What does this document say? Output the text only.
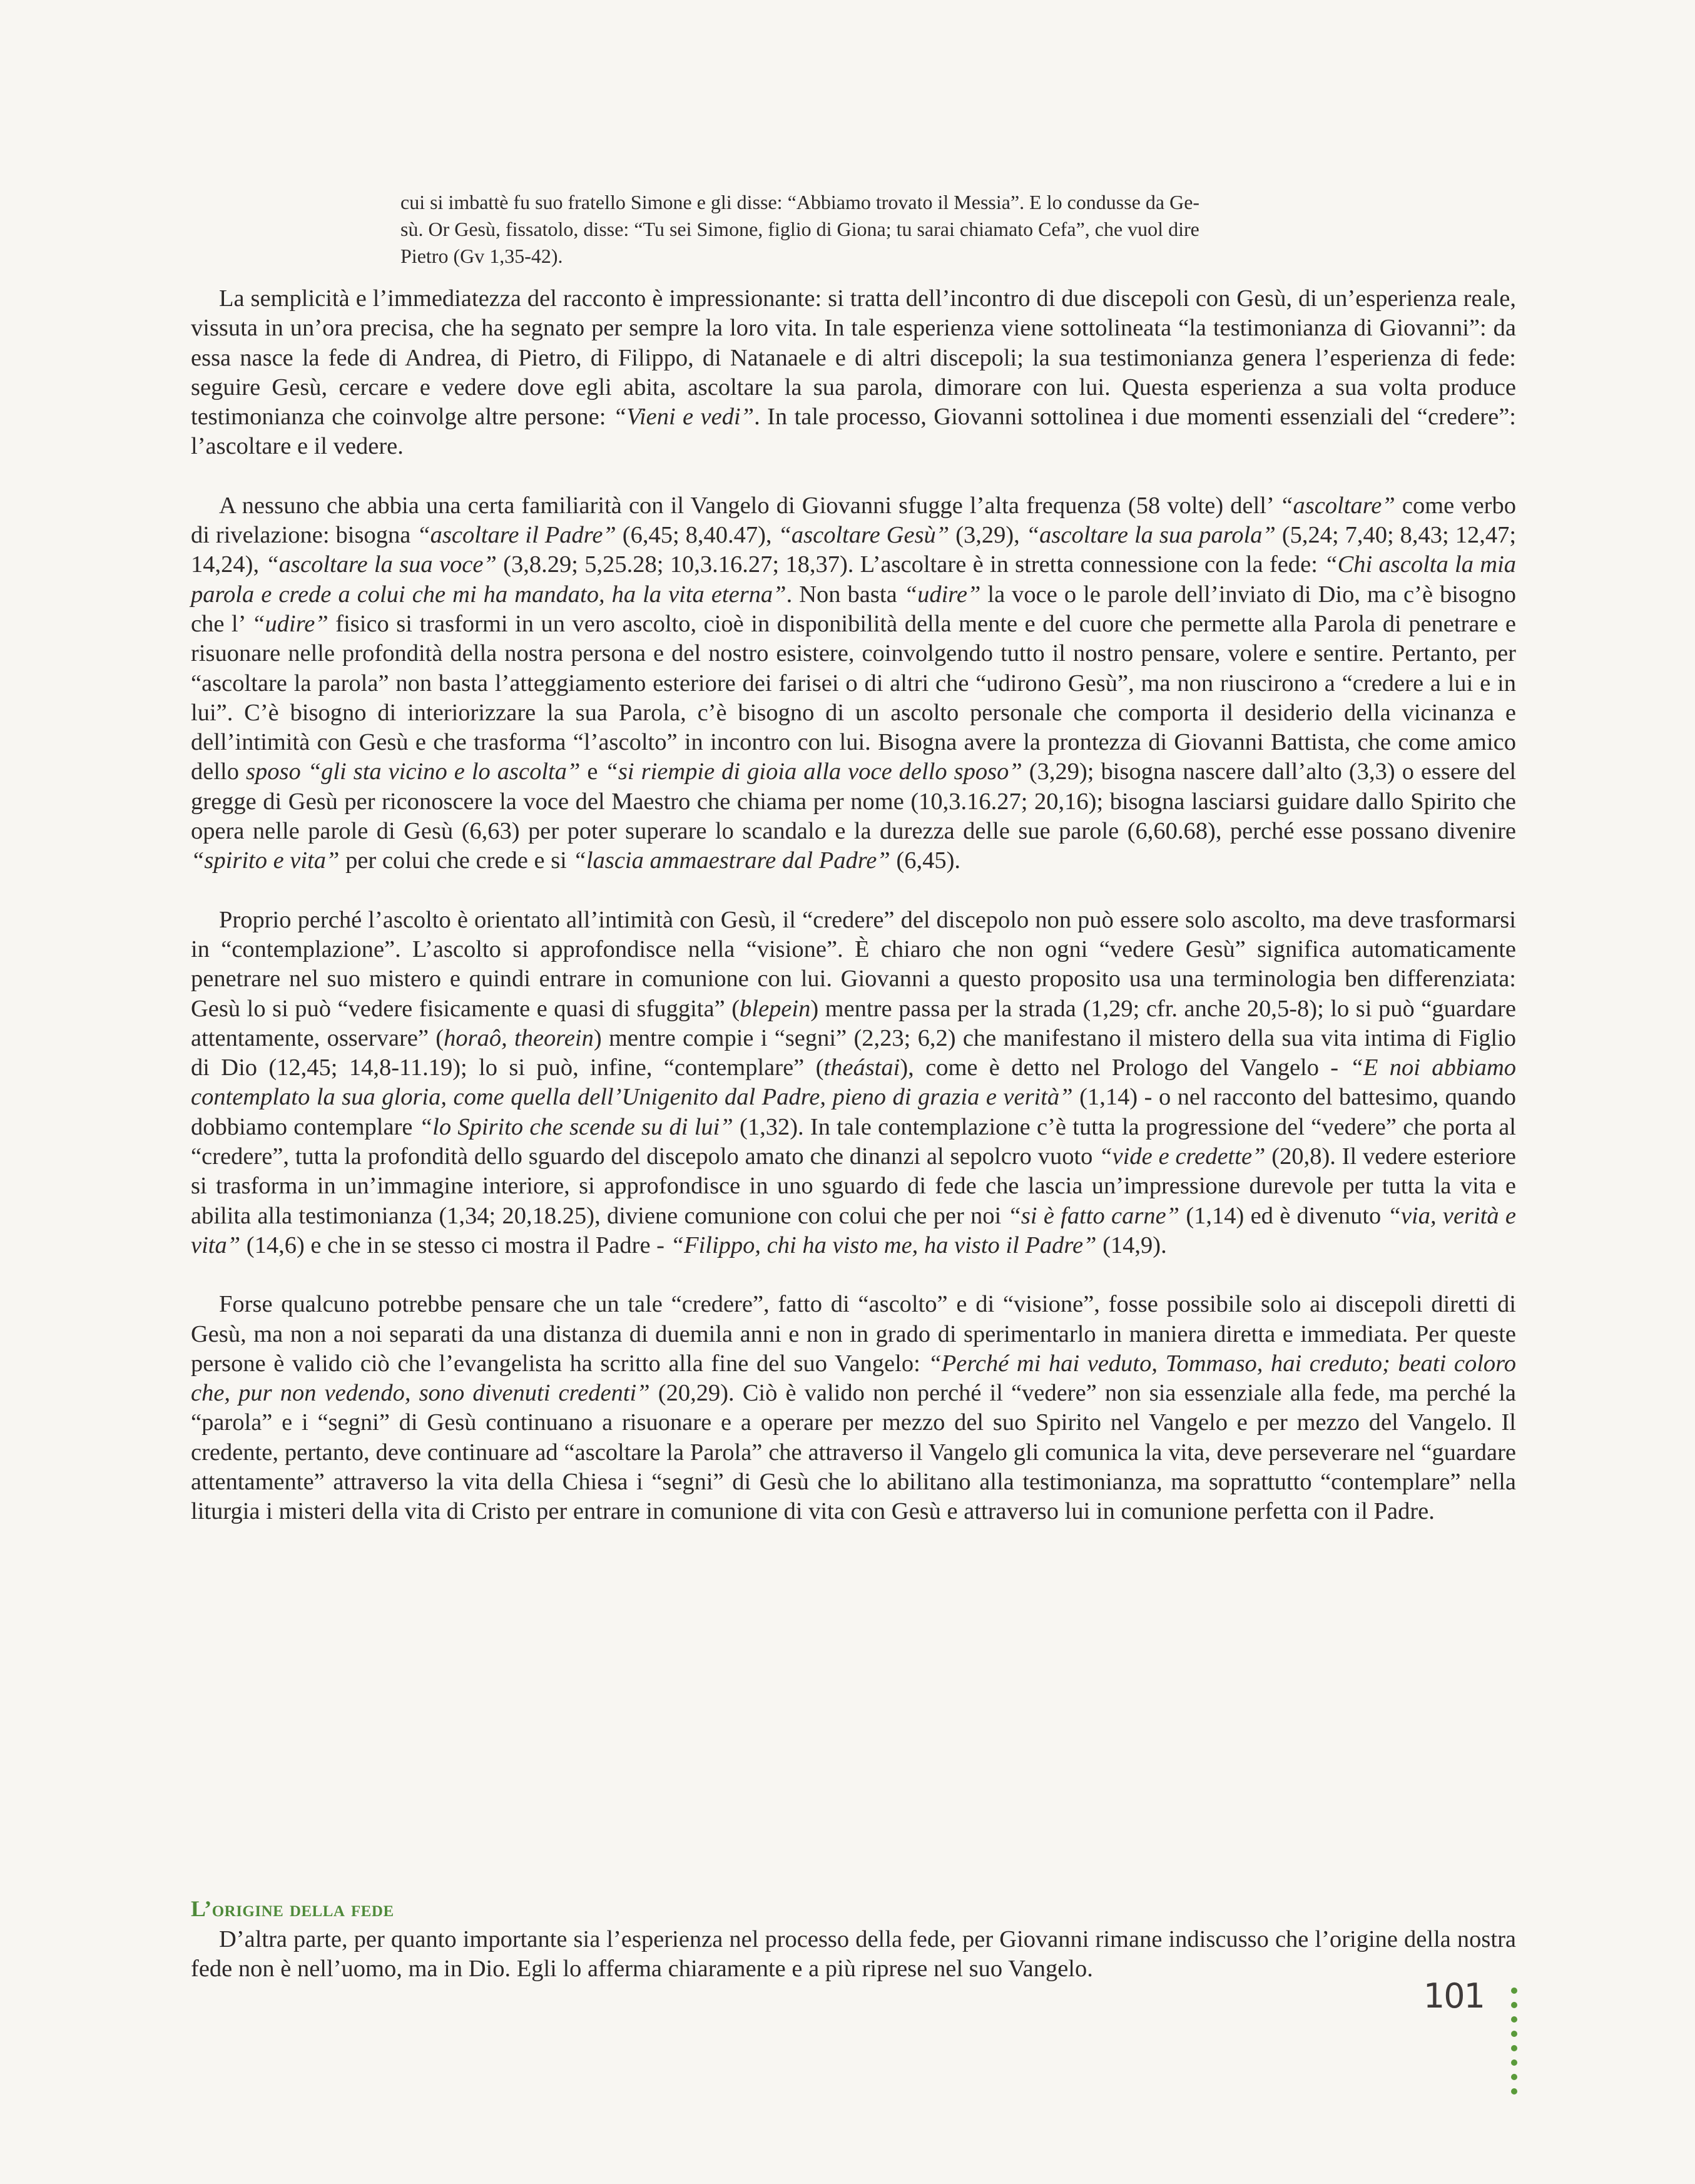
cui si imbattè fu suo fratello Simone e gli disse: “Abbiamo trovato il Messia”. E lo condusse da Ge-

sù. Or Gesù, fissatolo, disse: “Tu sei Simone, figlio di Giona; tu sarai chiamato Cefa”, che vuol dire

Pietro (Gv 1,35-42).

La semplicità e l’immediatezza del racconto è impressionante: si tratta dell’incontro di due discepoli con Gesù, di un’esperienza reale, vissuta in un’ora precisa, che ha segnato per sempre la loro vita. In tale esperienza viene sottolineata “la testimonianza di Giovanni”: da essa nasce la fede di Andrea, di Pietro, di Filippo, di Natanaele e di altri discepoli; la sua testimonianza genera l’esperienza di fede: seguire Gesù, cercare e vedere dove egli abita, ascoltare la sua parola, dimorare con lui. Questa esperienza a sua volta produce testimonianza che coinvolge altre persone: “Vieni e vedi”. In tale processo, Giovanni sottolinea i due momenti essenziali del “credere”: l’ascoltare e il vedere.

A nessuno che abbia una certa familiarità con il Vangelo di Giovanni sfugge l’alta frequenza (58 volte) dell’ “ascoltare” come verbo di rivelazione: bisogna “ascoltare il Padre” (6,45; 8,40.47), “ascoltare Gesù” (3,29), “ascoltare la sua parola” (5,24; 7,40; 8,43; 12,47; 14,24), “ascoltare la sua voce” (3,8.29; 5,25.28; 10,3.16.27; 18,37). L’ascoltare è in stretta connessione con la fede: “Chi ascolta la mia parola e crede a colui che mi ha mandato, ha la vita eterna”. Non basta “udire” la voce o le parole dell’inviato di Dio, ma c’è bisogno che l’ “udire” fisico si trasformi in un vero ascolto, cioè in disponibilità della mente e del cuore che permette alla Parola di penetrare e risuonare nelle profondità della nostra persona e del nostro esistere, coinvolgendo tutto il nostro pensare, volere e sentire. Pertanto, per “ascoltare la parola” non basta l’atteggiamento esteriore dei farisei o di altri che “udirono Gesù”, ma non riuscirono a “credere a lui e in lui”. C’è bisogno di interiorizzare la sua Parola, c’è bisogno di un ascolto personale che comporta il desiderio della vicinanza e dell’intimità con Gesù e che trasforma “l’ascolto” in incontro con lui. Bisogna avere la prontezza di Giovanni Battista, che come amico dello sposo “gli sta vicino e lo ascolta” e “si riempie di gioia alla voce dello sposo” (3,29); bisogna nascere dall’alto (3,3) o essere del gregge di Gesù per riconoscere la voce del Maestro che chiama per nome (10,3.16.27; 20,16); bisogna lasciarsi guidare dallo Spirito che opera nelle parole di Gesù (6,63) per poter superare lo scandalo e la durezza delle sue parole (6,60.68), perché esse possano divenire “spirito e vita” per colui che crede e si “lascia ammaestrare dal Padre” (6,45).

Proprio perché l’ascolto è orientato all’intimità con Gesù, il “credere” del discepolo non può essere solo ascolto, ma deve trasformarsi in “contemplazione”. L’ascolto si approfondisce nella “visione”. È chiaro che non ogni “vedere Gesù” significa automaticamente penetrare nel suo mistero e quindi entrare in comunione con lui. Giovanni a questo proposito usa una terminologia ben differenziata: Gesù lo si può “vedere fisicamente e quasi di sfuggita” (blepein) mentre passa per la strada (1,29; cfr. anche 20,5-8); lo si può “guardare attentamente, osservare” (horaô, theorein) mentre compie i “segni” (2,23; 6,2) che manifestano il mistero della sua vita intima di Figlio di Dio (12,45; 14,8-11.19); lo si può, infine, “contemplare” (theástai), come è detto nel Prologo del Vangelo - “E noi abbiamo contemplato la sua gloria, come quella dell’Unigenito dal Padre, pieno di grazia e verità” (1,14) - o nel racconto del battesimo, quando dobbiamo contemplare “lo Spirito che scende su di lui” (1,32). In tale contemplazione c’è tutta la progressione del “vedere” che porta al “credere”, tutta la profondità dello sguardo del discepolo amato che dinanzi al sepolcro vuoto “vide e credette” (20,8). Il vedere esteriore si trasforma in un’immagine interiore, si approfondisce in uno sguardo di fede che lascia un’impressione durevole per tutta la vita e abilita alla testimonianza (1,34; 20,18.25), diviene comunione con colui che per noi “si è fatto carne” (1,14) ed è divenuto “via, verità e vita” (14,6) e che in se stesso ci mostra il Padre - “Filippo, chi ha visto me, ha visto il Padre” (14,9).

Forse qualcuno potrebbe pensare che un tale “credere”, fatto di “ascolto” e di “visione”, fosse possibile solo ai discepoli diretti di Gesù, ma non a noi separati da una distanza di duemila anni e non in grado di sperimentarlo in maniera diretta e immediata. Per queste persone è valido ciò che l’evangelista ha scritto alla fine del suo Vangelo: “Perché mi hai veduto, Tommaso, hai creduto; beati coloro che, pur non vedendo, sono divenuti credenti” (20,29). Ciò è valido non perché il “vedere” non sia essenziale alla fede, ma perché la “parola” e i “segni” di Gesù continuano a risuonare e a operare per mezzo del suo Spirito nel Vangelo e per mezzo del Vangelo. Il credente, pertanto, deve continuare ad “ascoltare la Parola” che attraverso il Vangelo gli comunica la vita, deve perseverare nel “guardare attentamente” attraverso la vita della Chiesa i “segni” di Gesù che lo abilitano alla testimonianza, ma soprattutto “contemplare” nella liturgia i misteri della vita di Cristo per entrare in comunione di vita con Gesù e attraverso lui in comunione perfetta con il Padre.

L’origine della fede

D’altra parte, per quanto importante sia l’esperienza nel processo della fede, per Giovanni rimane indiscusso che l’origine della nostra fede non è nell’uomo, ma in Dio. Egli lo afferma chiaramente e a più riprese nel suo Vangelo.

101
